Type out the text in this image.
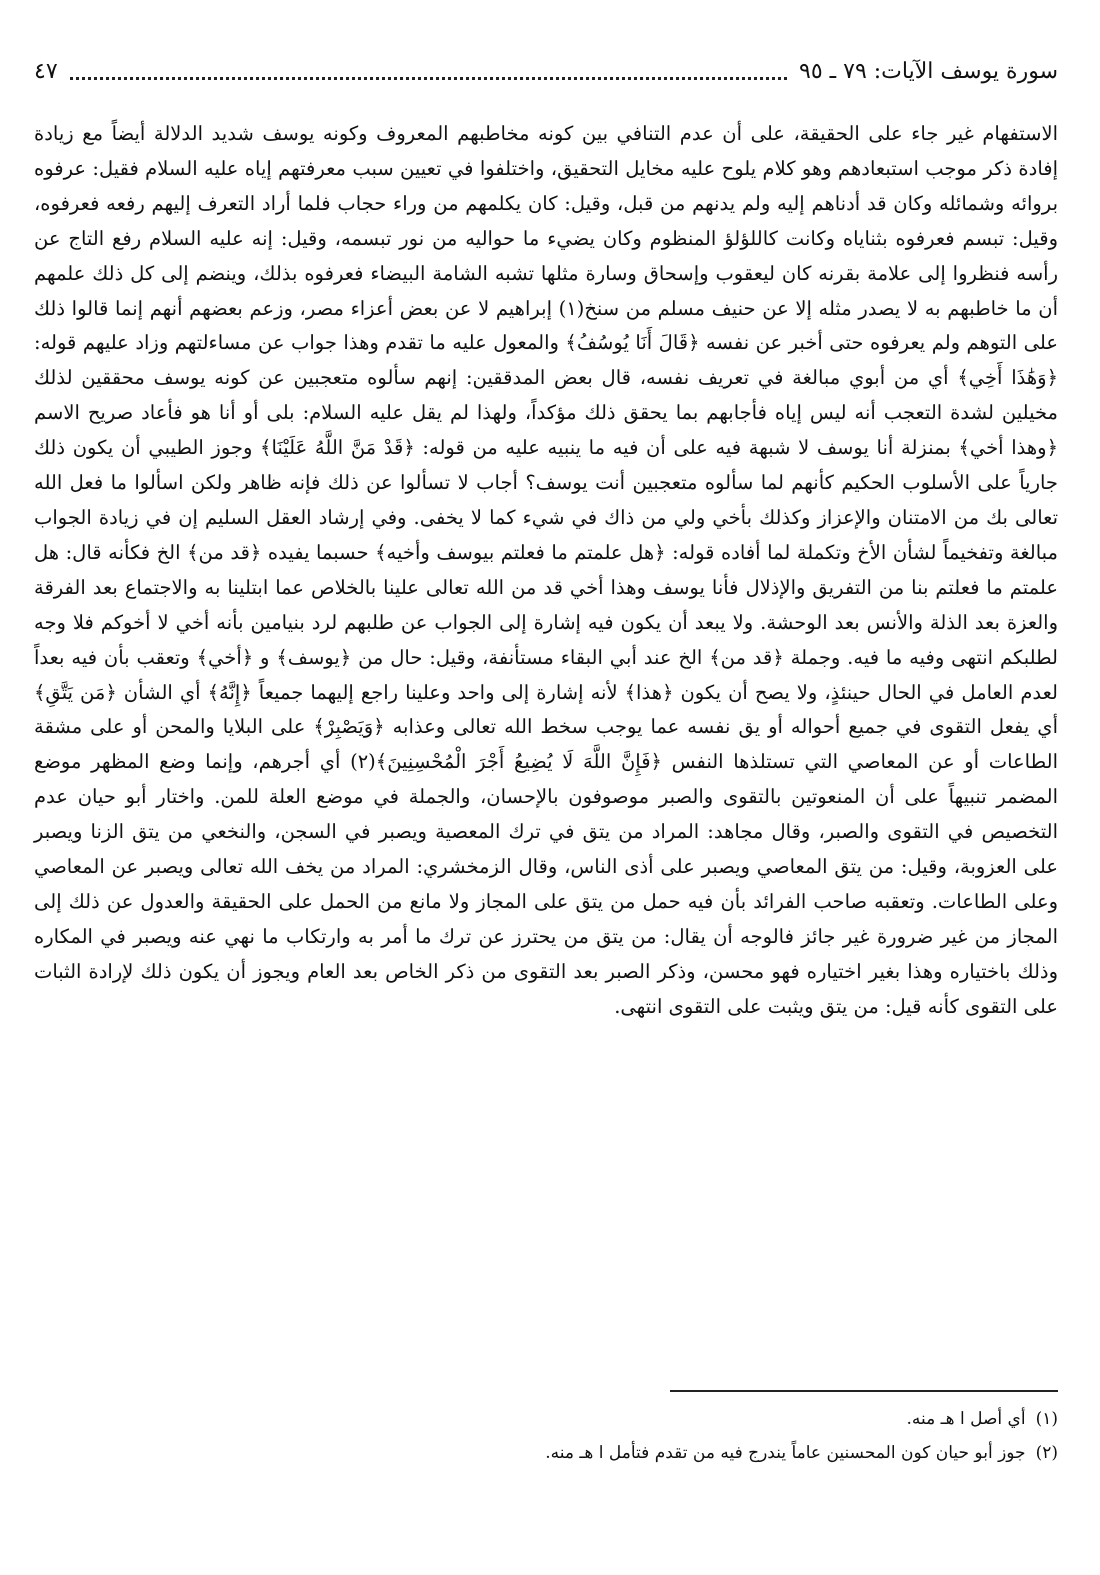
سورة يوسف الآيات: ٧٩ ـ ٩٥
٤٧

الاستفهام غير جاء على الحقيقة، على أن عدم التنافي بين كونه مخاطبهم المعروف وكونه يوسف شديد الدلالة أيضاً مع زيادة إفادة ذكر موجب استبعادهم وهو كلام يلوح عليه مخايل التحقيق، واختلفوا في تعيين سبب معرفتهم إياه عليه السلام فقيل: عرفوه بروائه وشمائله وكان قد أدناهم إليه ولم يدنهم من قبل، وقيل: كان يكلمهم من وراء حجاب فلما أراد التعرف إليهم رفعه فعرفوه، وقيل: تبسم فعرفوه بثناياه وكانت كاللؤلؤ المنظوم وكان يضيء ما حواليه من نور تبسمه، وقيل: إنه عليه السلام رفع التاج عن رأسه فنظروا إلى علامة بقرنه كان ليعقوب وإسحاق وسارة مثلها تشبه الشامة البيضاء فعرفوه بذلك، وينضم إلى كل ذلك علمهم أن ما خاطبهم به لا يصدر مثله إلا عن حنيف مسلم من سنخ(١) إبراهيم لا عن بعض أعزاء مصر، وزعم بعضهم أنهم إنما قالوا ذلك على التوهم ولم يعرفوه حتى أخبر عن نفسه ﴿قَالَ أَنَا يُوسُفُ﴾ والمعول عليه ما تقدم وهذا جواب عن مساءلتهم وزاد عليهم قوله: ﴿وَهَٰذَا أَخِي﴾ أي من أبوي مبالغة في تعريف نفسه، قال بعض المدققين: إنهم سألوه متعجبين عن كونه يوسف محققين لذلك مخيلين لشدة التعجب أنه ليس إياه فأجابهم بما يحقق ذلك مؤكداً، ولهذا لم يقل عليه السلام: بلى أو أنا هو فأعاد صريح الاسم ﴿وهذا أخي﴾ بمنزلة أنا يوسف لا شبهة فيه على أن فيه ما ينبيه عليه من قوله: ﴿قَدْ مَنَّ اللَّهُ عَلَيْنَا﴾ وجوز الطيبي أن يكون ذلك جارياً على الأسلوب الحكيم كأنهم لما سألوه متعجبين أنت يوسف؟ أجاب لا تسألوا عن ذلك فإنه ظاهر ولكن اسألوا ما فعل الله تعالى بك من الامتنان والإعزاز وكذلك بأخي ولي من ذاك في شيء كما لا يخفى. وفي إرشاد العقل السليم إن في زيادة الجواب مبالغة وتفخيماً لشأن الأخ وتكملة لما أفاده قوله: ﴿هل علمتم ما فعلتم بيوسف وأخيه﴾ حسبما يفيده ﴿قد من﴾ الخ فكأنه قال: هل علمتم ما فعلتم بنا من التفريق والإذلال فأنا يوسف وهذا أخي قد من الله تعالى علينا بالخلاص عما ابتلينا به والاجتماع بعد الفرقة والعزة بعد الذلة والأنس بعد الوحشة. ولا يبعد أن يكون فيه إشارة إلى الجواب عن طلبهم لرد بنيامين بأنه أخي لا أخوكم فلا وجه لطلبكم انتهى وفيه ما فيه. وجملة ﴿قد من﴾ الخ عند أبي البقاء مستأنفة، وقيل: حال من ﴿يوسف﴾ و ﴿أخي﴾ وتعقب بأن فيه بعداً لعدم العامل في الحال حينئذٍ، ولا يصح أن يكون ﴿هذا﴾ لأنه إشارة إلى واحد وعلينا راجع إليهما جميعاً ﴿إِنَّهُ﴾ أي الشأن ﴿مَن يَتَّقِ﴾ أي يفعل التقوى في جميع أحواله أو يق نفسه عما يوجب سخط الله تعالى وعذابه ﴿وَيَصْبِرْ﴾ على البلايا والمحن أو على مشقة الطاعات أو عن المعاصي التي تستلذها النفس ﴿فَإِنَّ اللَّهَ لَا يُضِيعُ أَجْرَ الْمُحْسِنِينَ﴾(٢) أي أجرهم، وإنما وضع المظهر موضع المضمر تنبيهاً على أن المنعوتين بالتقوى والصبر موصوفون بالإحسان، والجملة في موضع العلة للمن. واختار أبو حيان عدم التخصيص في التقوى والصبر، وقال مجاهد: المراد من يتق في ترك المعصية ويصبر في السجن، والنخعي من يتق الزنا ويصبر على العزوبة، وقيل: من يتق المعاصي ويصبر على أذى الناس، وقال الزمخشري: المراد من يخف الله تعالى ويصبر عن المعاصي وعلى الطاعات. وتعقبه صاحب الفرائد بأن فيه حمل من يتق على المجاز ولا مانع من الحمل على الحقيقة والعدول عن ذلك إلى المجاز من غير ضرورة غير جائز فالوجه أن يقال: من يتق من يحترز عن ترك ما أمر به وارتكاب ما نهي عنه ويصبر في المكاره وذلك باختياره وهذا بغير اختياره فهو محسن، وذكر الصبر بعد التقوى من ذكر الخاص بعد العام ويجوز أن يكون ذلك لإرادة الثبات على التقوى كأنه قيل: من يتق ويثبت على التقوى انتهى.

(١)
أي أصل ا هـ منه.
(٢)
جوز أبو حيان كون المحسنين عاماً يندرج فيه من تقدم فتأمل ا هـ منه.
